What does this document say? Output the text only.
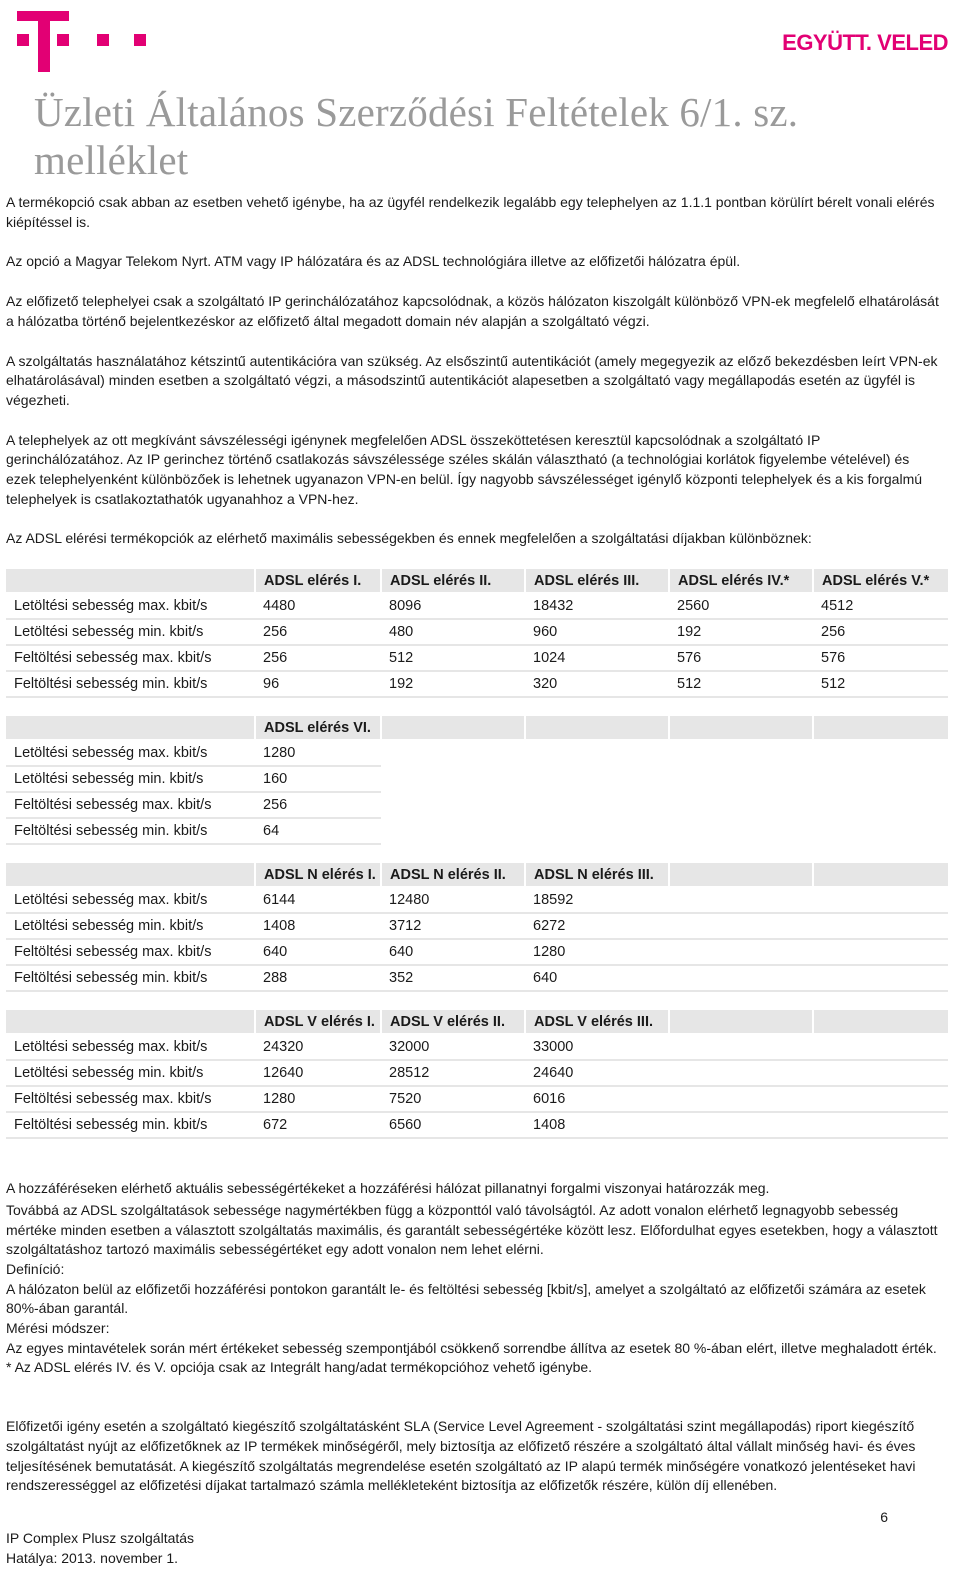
EGYÜTT. VELED
Üzleti Általános Szerződési Feltételek 6/1. sz. melléklet

A termékopció csak abban az esetben vehető igénybe, ha az ügyfél rendelkezik legalább egy telephelyen az 1.1.1 pontban körülírt bérelt vonali elérés kiépítéssel is.

Az opció a Magyar Telekom Nyrt. ATM vagy IP hálózatára és az ADSL technológiára illetve az előfizetői hálózatra épül.

Az előfizető telephelyei csak a szolgáltató IP gerinchálózatához kapcsolódnak, a közös hálózaton kiszolgált különböző VPN-ek megfelelő elhatárolását a hálózatba történő bejelentkezéskor az előfizető által megadott domain név alapján a szolgáltató végzi.

A szolgáltatás használatához kétszintű autentikációra van szükség. Az elsőszintű autentikációt (amely megegyezik az előző bekezdésben leírt VPN-ek elhatárolásával) minden esetben a szolgáltató végzi, a másodszintű autentikációt alapesetben a szolgáltató vagy megállapodás esetén az ügyfél is végezheti.

A telephelyek az ott megkívánt sávszélességi igénynek megfelelően ADSL összeköttetésen keresztül kapcsolódnak a szolgáltató IP gerinchálózatához. Az IP gerinchez történő csatlakozás sávszélessége széles skálán választható (a technológiai korlátok figyelembe vételével) és ezek telephelyenként különbözőek is lehetnek ugyanazon VPN-en belül. Így nagyobb sávszélességet igénylő központi telephelyek és a kis forgalmú telephelyek is csatlakoztathatók ugyanahhoz a VPN-hez.

Az ADSL elérési termékopciók az elérhető maximális sebességekben és ennek megfelelően a szolgáltatási díjakban különböznek:

	ADSL elérés I.	ADSL elérés II.	ADSL elérés III.	ADSL elérés IV.*	ADSL elérés V.*
Letöltési sebesség max. kbit/s	4480	8096	18432	2560	4512
Letöltési sebesség min. kbit/s	256	480	960	192	256
Feltöltési sebesség max. kbit/s	256	512	1024	576	576
Feltöltési sebesség min. kbit/s	96	192	320	512	512
	ADSL elérés VI.				
Letöltési sebesség max. kbit/s	1280				
Letöltési sebesség min. kbit/s	160				
Feltöltési sebesség max. kbit/s	256				
Feltöltési sebesség min. kbit/s	64				
	ADSL N elérés I.	ADSL N elérés II.	ADSL N elérés III.		
Letöltési sebesség max. kbit/s	6144	12480	18592		
Letöltési sebesség min. kbit/s	1408	3712	6272		
Feltöltési sebesség max. kbit/s	640	640	1280		
Feltöltési sebesség min. kbit/s	288	352	640		
	ADSL V elérés I.	ADSL V elérés II.	ADSL V elérés III.		
Letöltési sebesség max. kbit/s	24320	32000	33000		
Letöltési sebesség min. kbit/s	12640	28512	24640		
Feltöltési sebesség max. kbit/s	1280	7520	6016		
Feltöltési sebesség min. kbit/s	672	6560	1408		

A hozzáféréseken elérhető aktuális sebességértékeket a hozzáférési hálózat pillanatnyi forgalmi viszonyai határozzák meg.

Továbbá az ADSL szolgáltatások sebessége nagymértékben függ a központtól való távolságtól. Az adott vonalon elérhető legnagyobb sebesség mértéke minden esetben a választott szolgáltatás maximális, és garantált sebességértéke között lesz. Előfordulhat egyes esetekben, hogy a választott szolgáltatáshoz tartozó maximális sebességértéket egy adott vonalon nem lehet elérni.

Definíció:

A hálózaton belül az előfizetői hozzáférési pontokon garantált le- és feltöltési sebesség [kbit/s], amelyet a szolgáltató az előfizetői számára az esetek 80%-ában garantál.

Mérési módszer:

Az egyes mintavételek során mért értékeket sebesség szempontjából csökkenő sorrendbe állítva az esetek 80 %-ában elért, illetve meghaladott érték.

* Az ADSL elérés IV. és V. opciója csak az Integrált hang/adat termékopcióhoz vehető igénybe.

Előfizetői igény esetén a szolgáltató kiegészítő szolgáltatásként SLA (Service Level Agreement - szolgáltatási szint megállapodás) riport kiegészítő szolgáltatást nyújt az előfizetőknek az IP termékek minőségéről, mely biztosítja az előfizető részére a szolgáltató által vállalt minőség havi- és éves teljesítésének bemutatását. A kiegészítő szolgáltatás megrendelése esetén szolgáltató az IP alapú termék minőségére vonatkozó jelentéseket havi rendszerességgel az előfizetési díjakat tartalmazó számla mellékleteként biztosítja az előfizetők részére, külön díj ellenében.

6
IP Complex Plusz szolgáltatás
Hatálya: 2013. november 1.
